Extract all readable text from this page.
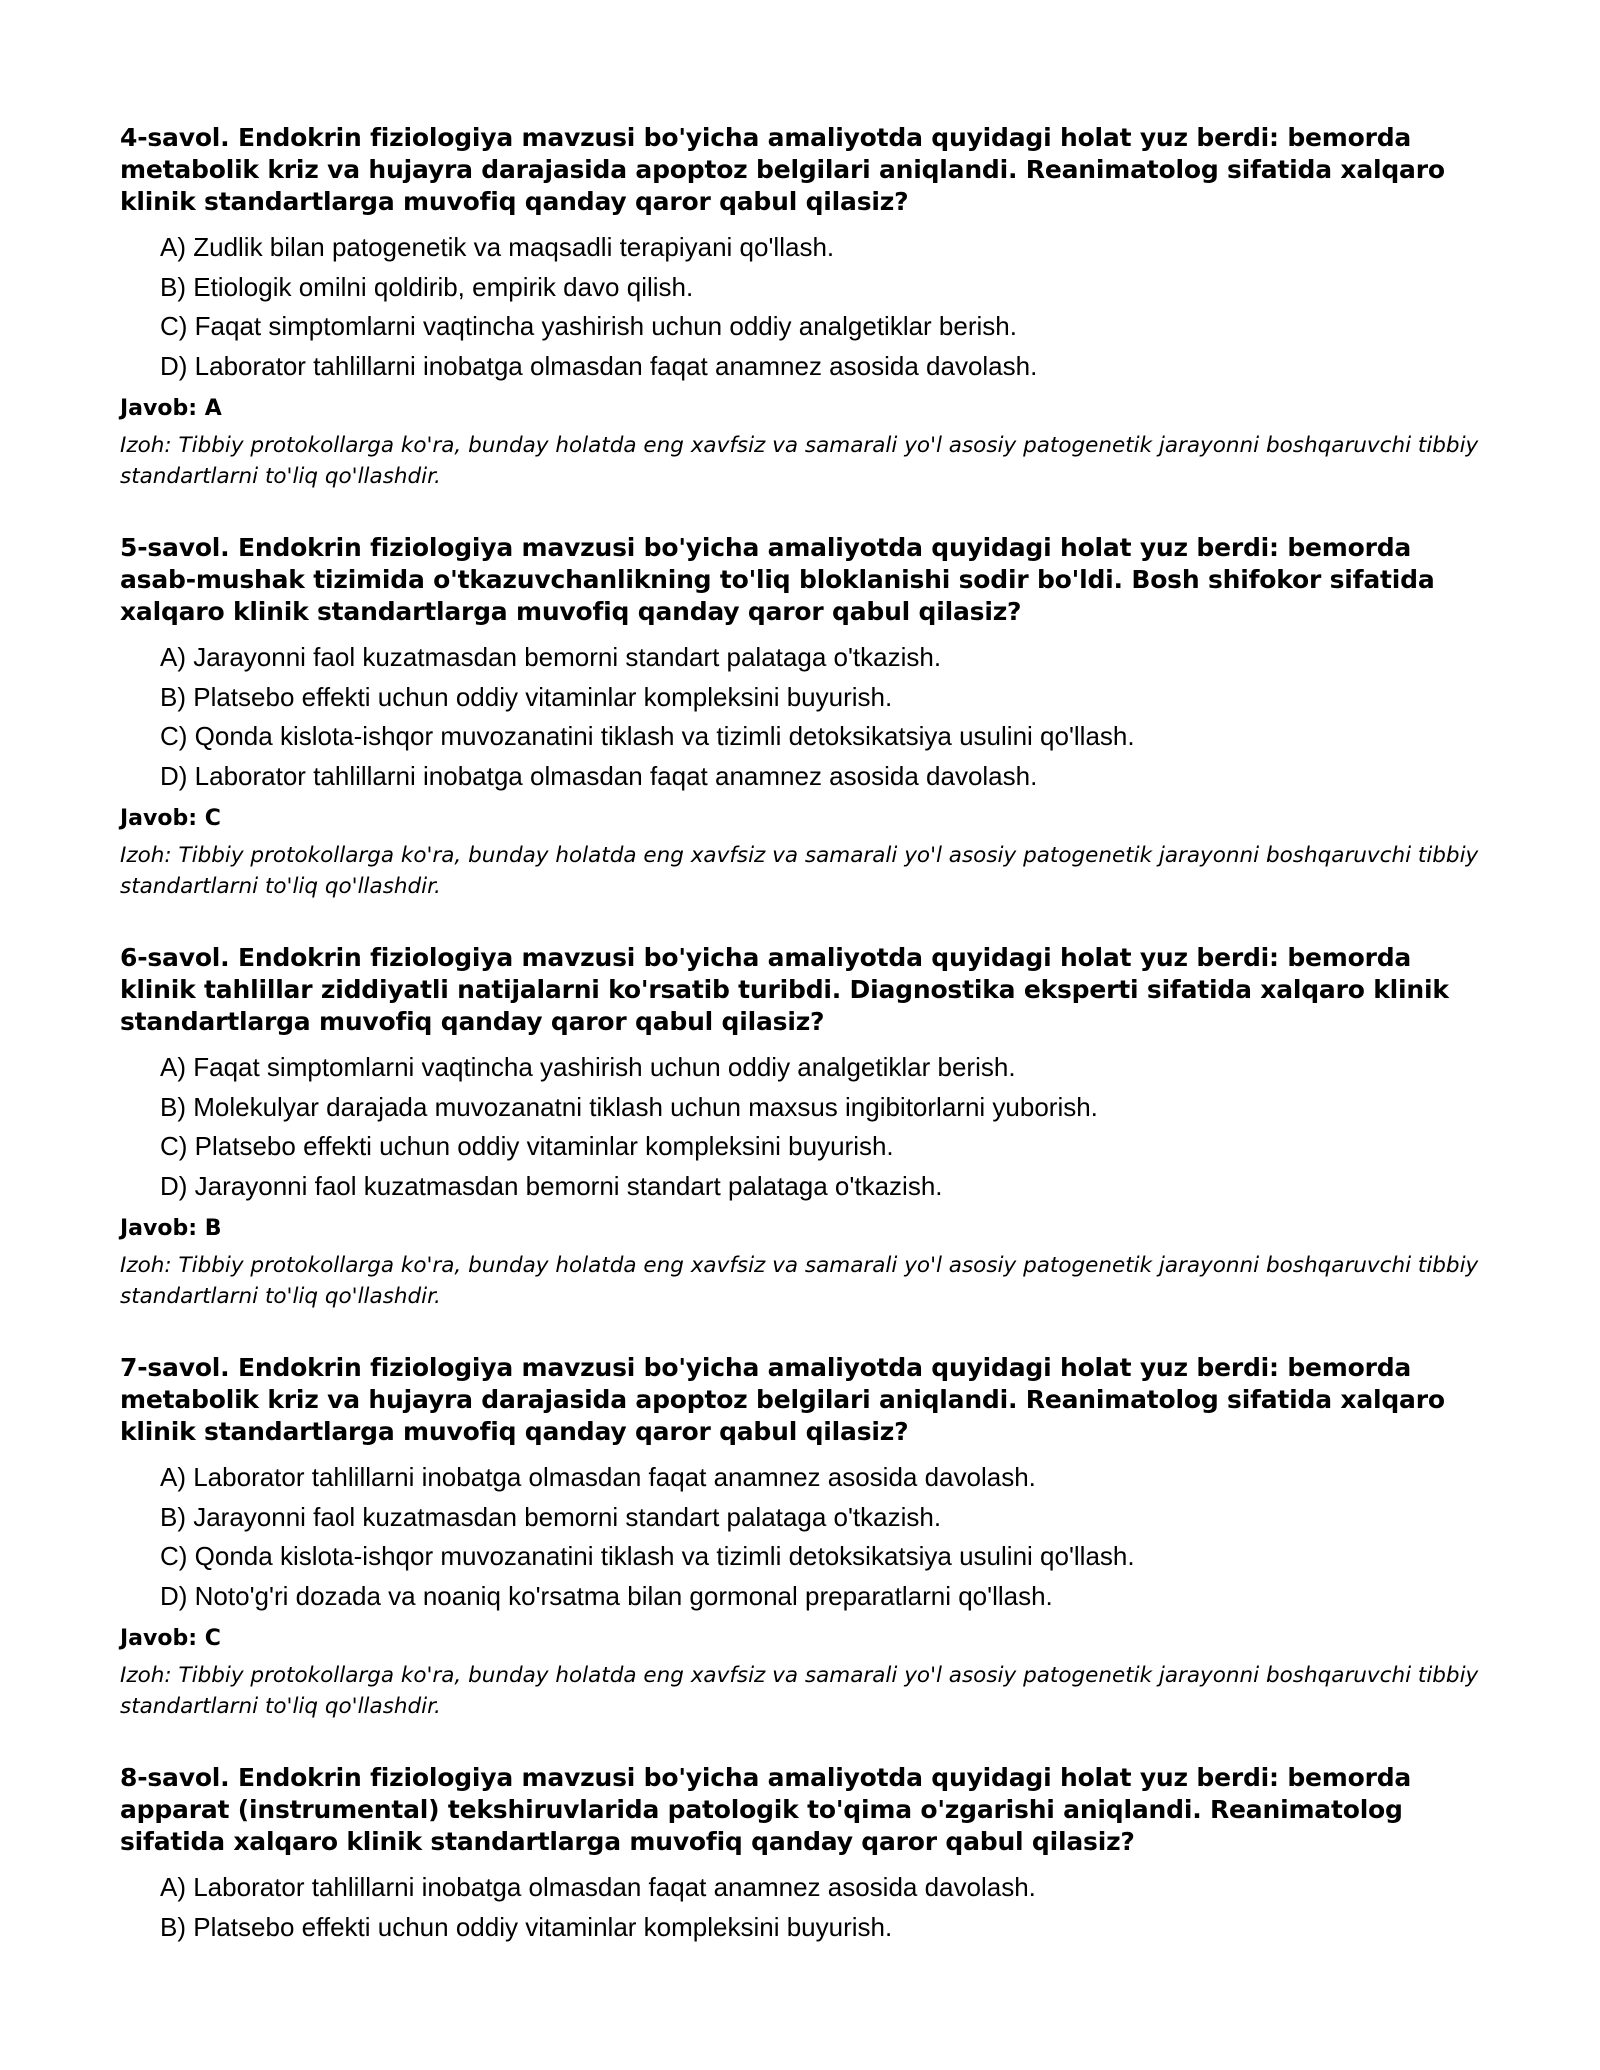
4-savol. Endokrin fiziologiya mavzusi bo'yicha amaliyotda quyidagi holat yuz berdi: bemorda metabolik kriz va hujayra darajasida apoptoz belgilari aniqlandi. Reanimatolog sifatida xalqaro klinik standartlarga muvofiq qanday qaror qabul qilasiz?

A) Zudlik bilan patogenetik va maqsadli terapiyani qo'llash.
B) Etiologik omilni qoldirib, empirik davo qilish.
C) Faqat simptomlarni vaqtincha yashirish uchun oddiy analgetiklar berish.
D) Laborator tahlillarni inobatga olmasdan faqat anamnez asosida davolash.

Javob: A

Izoh: Tibbiy protokollarga ko'ra, bunday holatda eng xavfsiz va samarali yo'l asosiy patogenetik jarayonni boshqaruvchi tibbiy standartlarni to'liq qo'llashdir.

5-savol. Endokrin fiziologiya mavzusi bo'yicha amaliyotda quyidagi holat yuz berdi: bemorda asab-mushak tizimida o'tkazuvchanlikning to'liq bloklanishi sodir bo'ldi. Bosh shifokor sifatida xalqaro klinik standartlarga muvofiq qanday qaror qabul qilasiz?

A) Jarayonni faol kuzatmasdan bemorni standart palataga o'tkazish.
B) Platsebo effekti uchun oddiy vitaminlar kompleksini buyurish.
C) Qonda kislota-ishqor muvozanatini tiklash va tizimli detoksikatsiya usulini qo'llash.
D) Laborator tahlillarni inobatga olmasdan faqat anamnez asosida davolash.

Javob: C

Izoh: Tibbiy protokollarga ko'ra, bunday holatda eng xavfsiz va samarali yo'l asosiy patogenetik jarayonni boshqaruvchi tibbiy standartlarni to'liq qo'llashdir.

6-savol. Endokrin fiziologiya mavzusi bo'yicha amaliyotda quyidagi holat yuz berdi: bemorda klinik tahlillar ziddiyatli natijalarni ko'rsatib turibdi. Diagnostika eksperti sifatida xalqaro klinik standartlarga muvofiq qanday qaror qabul qilasiz?

A) Faqat simptomlarni vaqtincha yashirish uchun oddiy analgetiklar berish.
B) Molekulyar darajada muvozanatni tiklash uchun maxsus ingibitorlarni yuborish.
C) Platsebo effekti uchun oddiy vitaminlar kompleksini buyurish.
D) Jarayonni faol kuzatmasdan bemorni standart palataga o'tkazish.

Javob: B

Izoh: Tibbiy protokollarga ko'ra, bunday holatda eng xavfsiz va samarali yo'l asosiy patogenetik jarayonni boshqaruvchi tibbiy standartlarni to'liq qo'llashdir.

7-savol. Endokrin fiziologiya mavzusi bo'yicha amaliyotda quyidagi holat yuz berdi: bemorda metabolik kriz va hujayra darajasida apoptoz belgilari aniqlandi. Reanimatolog sifatida xalqaro klinik standartlarga muvofiq qanday qaror qabul qilasiz?

A) Laborator tahlillarni inobatga olmasdan faqat anamnez asosida davolash.
B) Jarayonni faol kuzatmasdan bemorni standart palataga o'tkazish.
C) Qonda kislota-ishqor muvozanatini tiklash va tizimli detoksikatsiya usulini qo'llash.
D) Noto'g'ri dozada va noaniq ko'rsatma bilan gormonal preparatlarni qo'llash.

Javob: C

Izoh: Tibbiy protokollarga ko'ra, bunday holatda eng xavfsiz va samarali yo'l asosiy patogenetik jarayonni boshqaruvchi tibbiy standartlarni to'liq qo'llashdir.

8-savol. Endokrin fiziologiya mavzusi bo'yicha amaliyotda quyidagi holat yuz berdi: bemorda apparat (instrumental) tekshiruvlarida patologik to'qima o'zgarishi aniqlandi. Reanimatolog sifatida xalqaro klinik standartlarga muvofiq qanday qaror qabul qilasiz?

A) Laborator tahlillarni inobatga olmasdan faqat anamnez asosida davolash.
B) Platsebo effekti uchun oddiy vitaminlar kompleksini buyurish.
